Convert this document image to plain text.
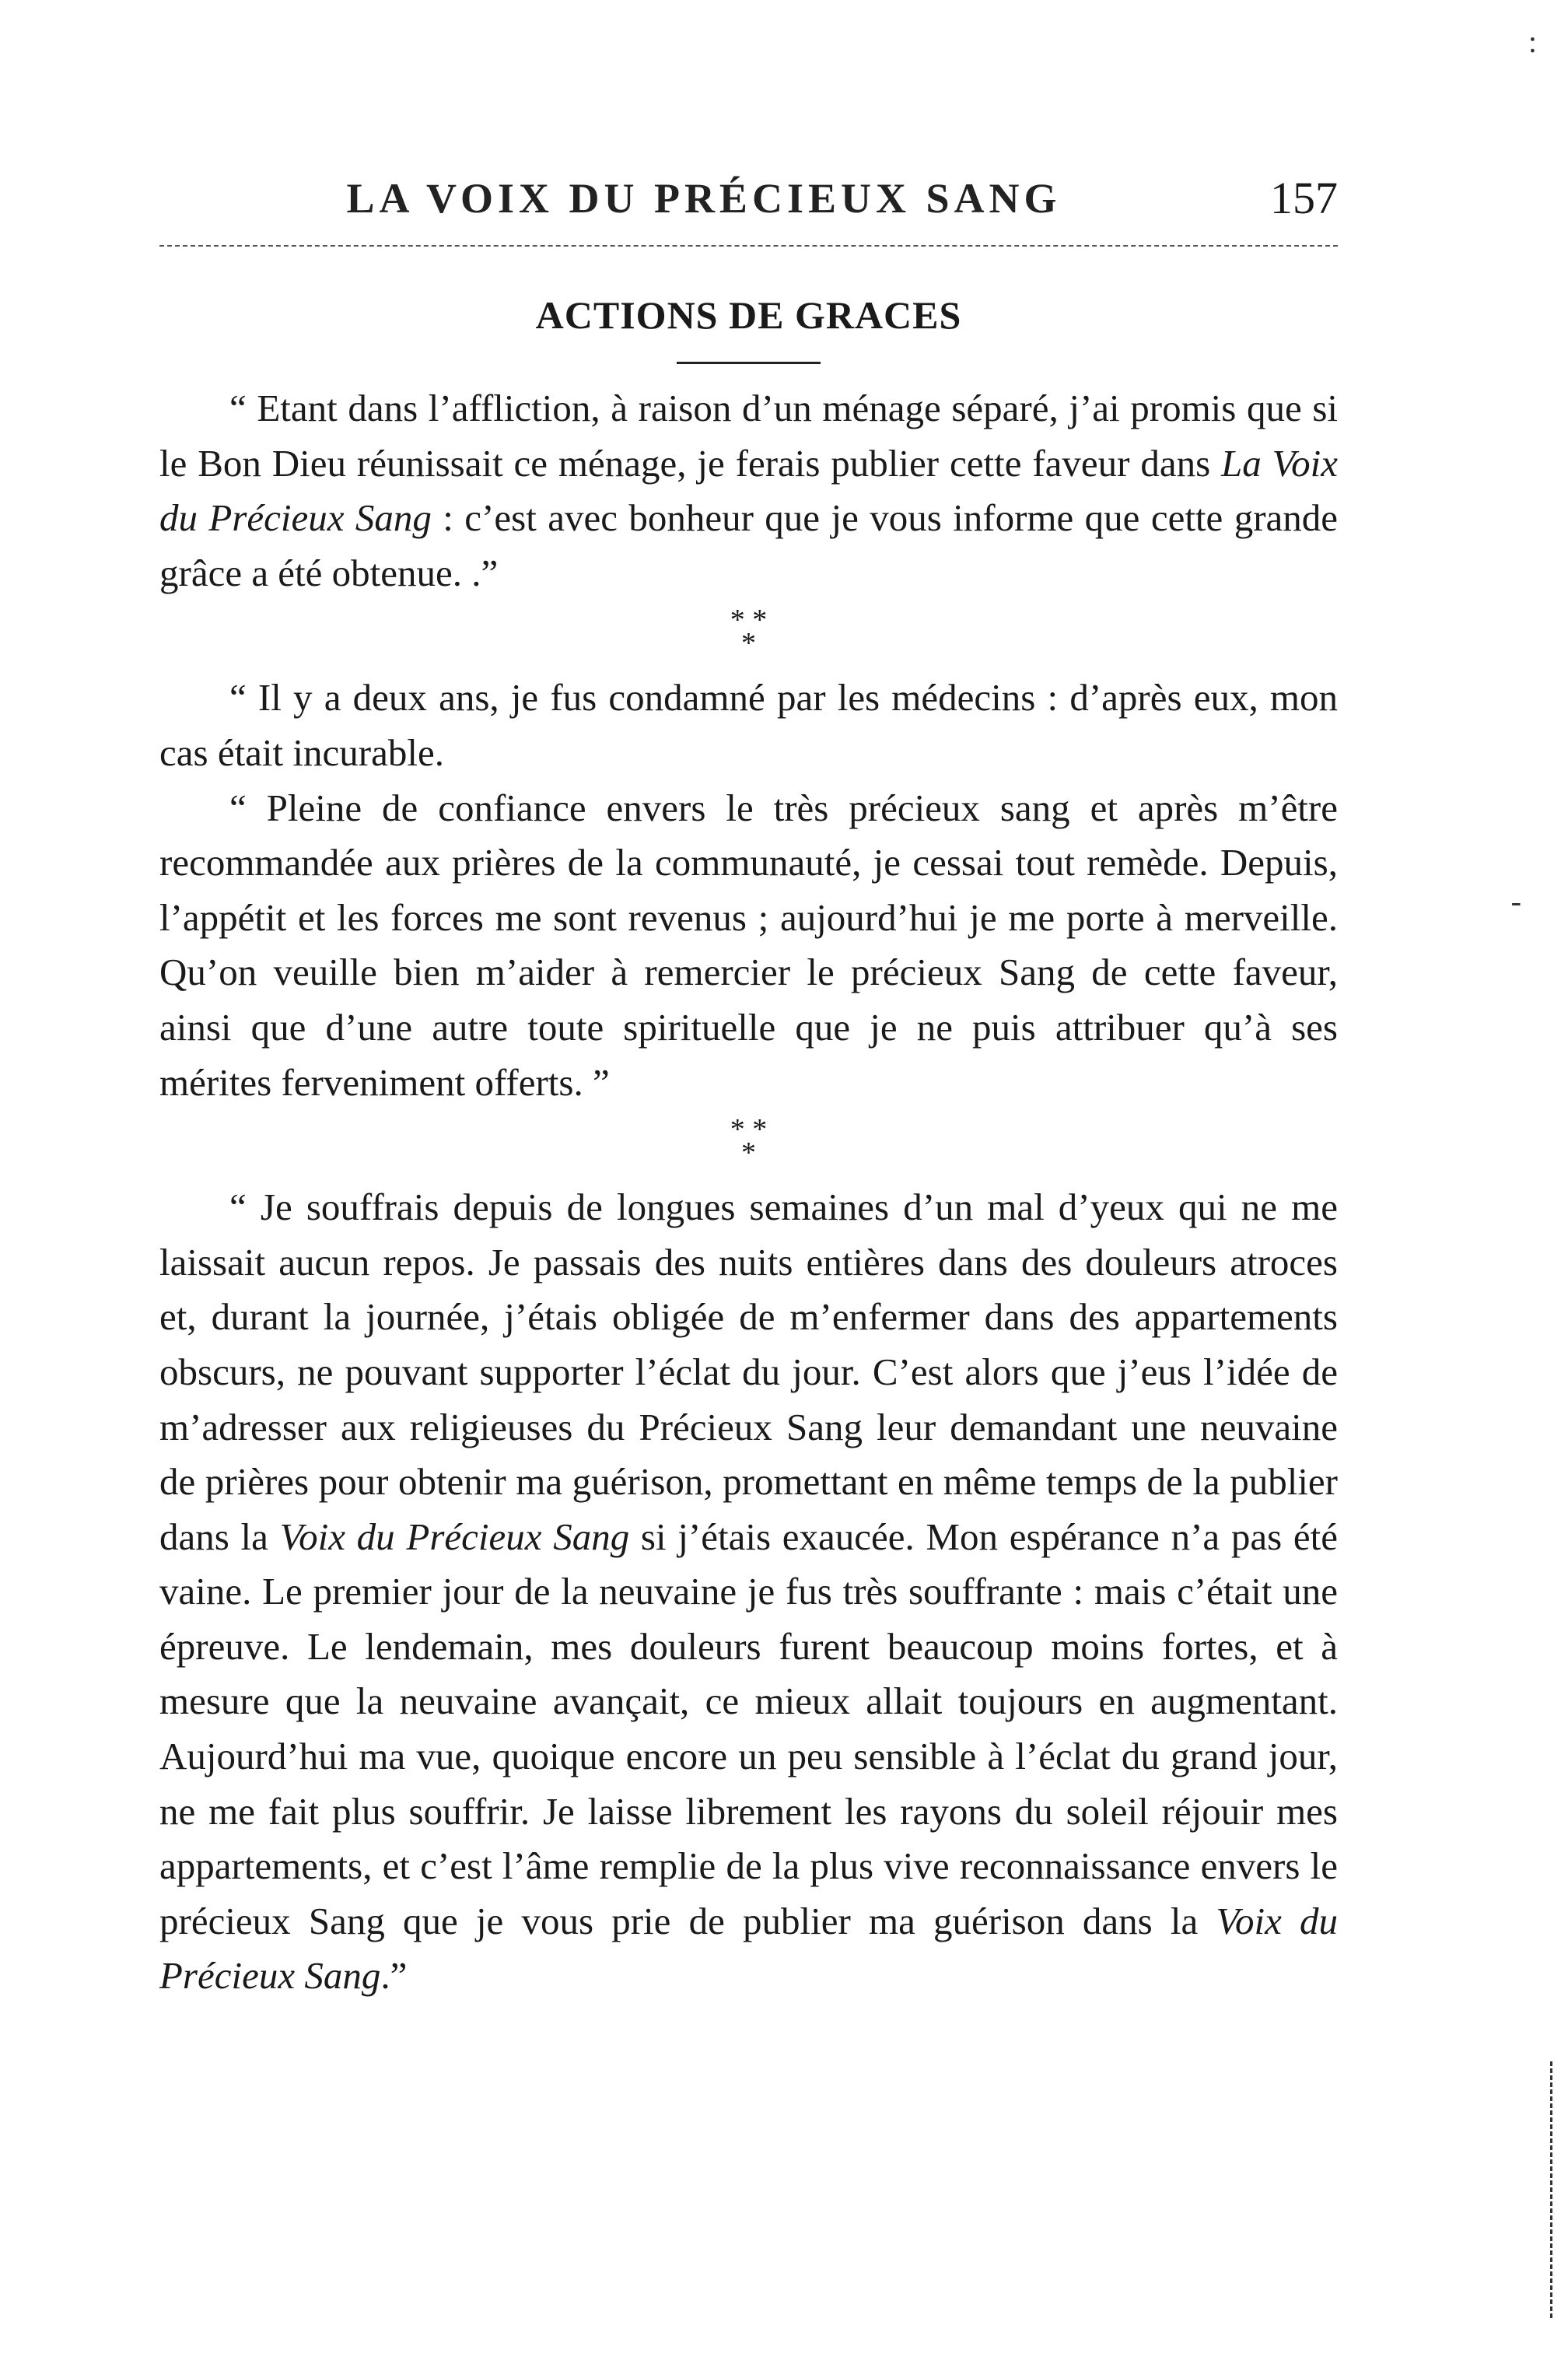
:
-
LA VOIX DU PRÉCIEUX SANG	157
ACTIONS DE GRACES

“ Etant dans l’affliction, à raison d’un ménage séparé, j’ai promis que si le Bon Dieu réunissait ce ménage, je ferais publier cette faveur dans La Voix du Précieux Sang : c’est avec bonheur que je vous informe que cette grande grâce a été obtenue. .”

* *
*

“ Il y a deux ans, je fus condamné par les médecins : d’après eux, mon cas était incurable.

“ Pleine de confiance envers le très précieux sang et après m’être recommandée aux prières de la communauté, je cessai tout remède. Depuis, l’appétit et les forces me sont revenus ; aujourd’hui je me porte à merveille. Qu’on veuille bien m’aider à remercier le précieux Sang de cette faveur, ainsi que d’une autre toute spirituelle que je ne puis attribuer qu’à ses mérites ferveniment offerts. ”

* *
*

“ Je souffrais depuis de longues semaines d’un mal d’yeux qui ne me laissait aucun repos. Je passais des nuits entières dans des douleurs atroces et, durant la journée, j’étais obligée de m’enfermer dans des appartements obscurs, ne pouvant supporter l’éclat du jour. C’est alors que j’eus l’idée de m’adresser aux religieuses du Précieux Sang leur demandant une neuvaine de prières pour obtenir ma guérison, promettant en même temps de la publier dans la Voix du Précieux Sang si j’étais exaucée. Mon espérance n’a pas été vaine. Le premier jour de la neuvaine je fus très souffrante : mais c’était une épreuve. Le lendemain, mes douleurs furent beaucoup moins fortes, et à mesure que la neuvaine avançait, ce mieux allait toujours en augmentant. Aujourd’hui ma vue, quoique encore un peu sensible à l’éclat du grand jour, ne me fait plus souffrir. Je laisse librement les rayons du soleil réjouir mes appartements, et c’est l’âme remplie de la plus vive reconnaissance envers le précieux Sang que je vous prie de publier ma guérison dans la Voix du Précieux Sang.”
